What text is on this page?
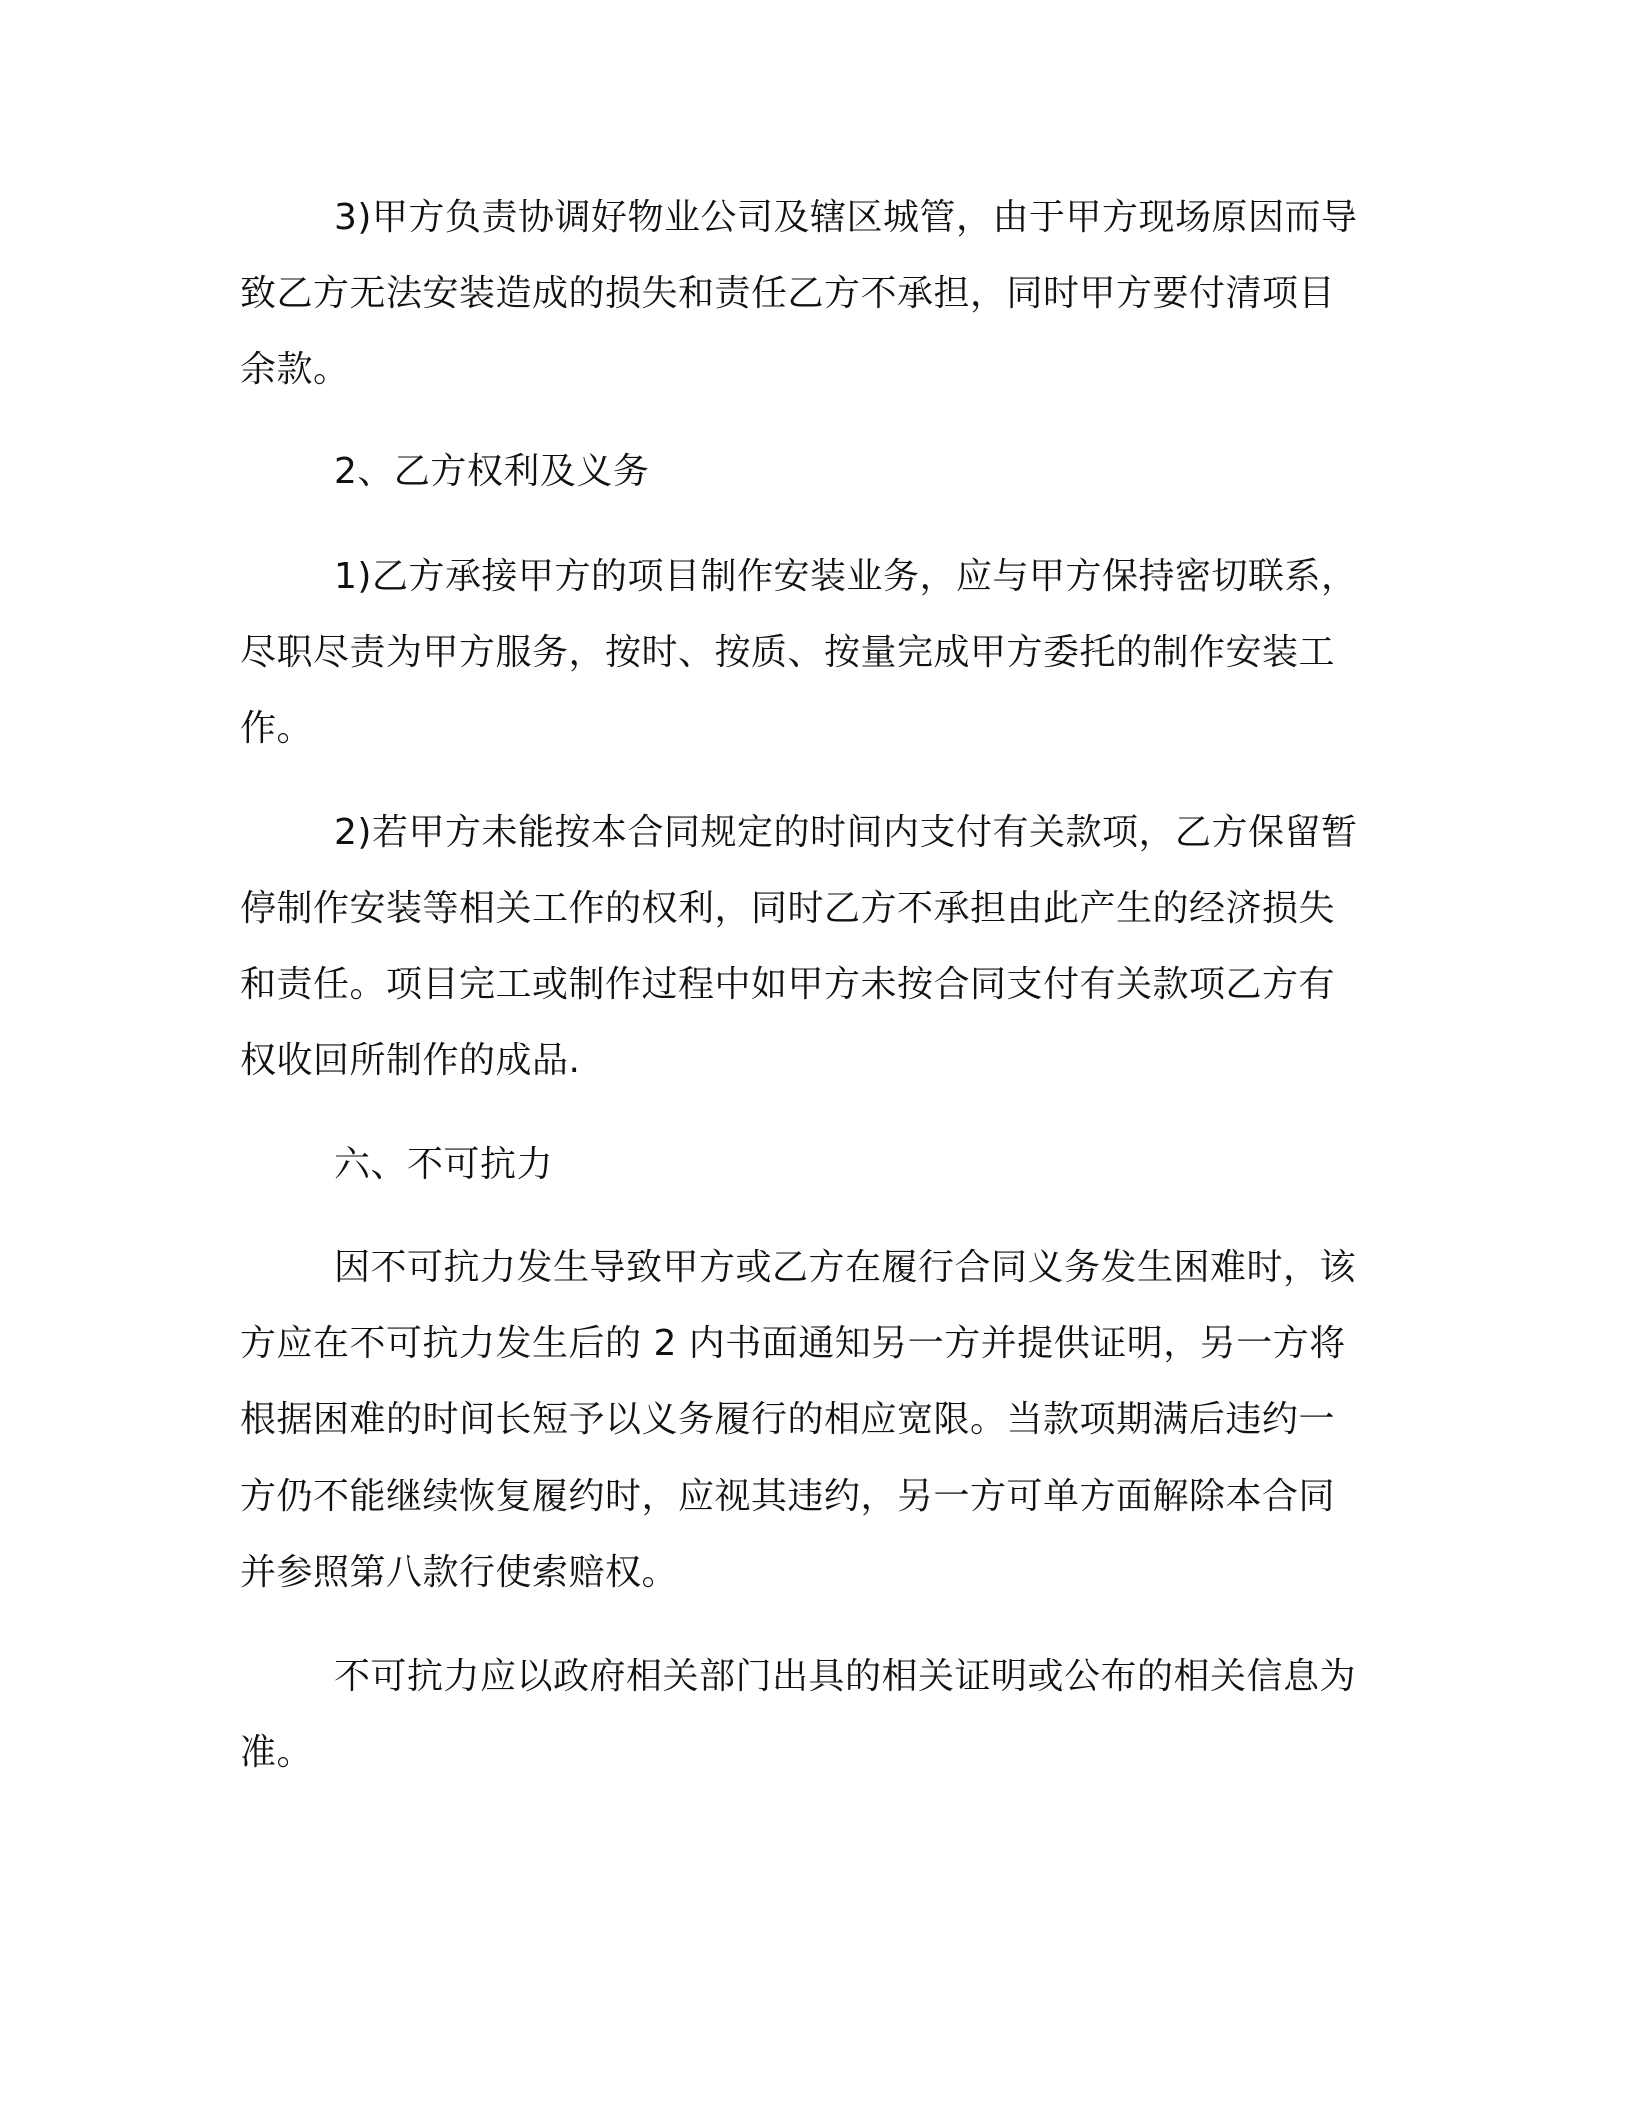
3)甲方负责协调好物业公司及辖区城管，由于甲方现场原因而导
致乙方无法安装造成的损失和责任乙方不承担，同时甲方要付清项目
余款。
2、乙方权利及义务
1)乙方承接甲方的项目制作安装业务，应与甲方保持密切联系，
尽职尽责为甲方服务，按时、按质、按量完成甲方委托的制作安装工
作。
2)若甲方未能按本合同规定的时间内支付有关款项，乙方保留暂
停制作安装等相关工作的权利，同时乙方不承担由此产生的经济损失
和责任。项目完工或制作过程中如甲方未按合同支付有关款项乙方有
权收回所制作的成品.
六、不可抗力
因不可抗力发生导致甲方或乙方在履行合同义务发生困难时，该
方应在不可抗力发生后的 2 内书面通知另一方并提供证明，另一方将
根据困难的时间长短予以义务履行的相应宽限。当款项期满后违约一
方仍不能继续恢复履约时，应视其违约，另一方可单方面解除本合同
并参照第八款行使索赔权。
不可抗力应以政府相关部门出具的相关证明或公布的相关信息为
准。
